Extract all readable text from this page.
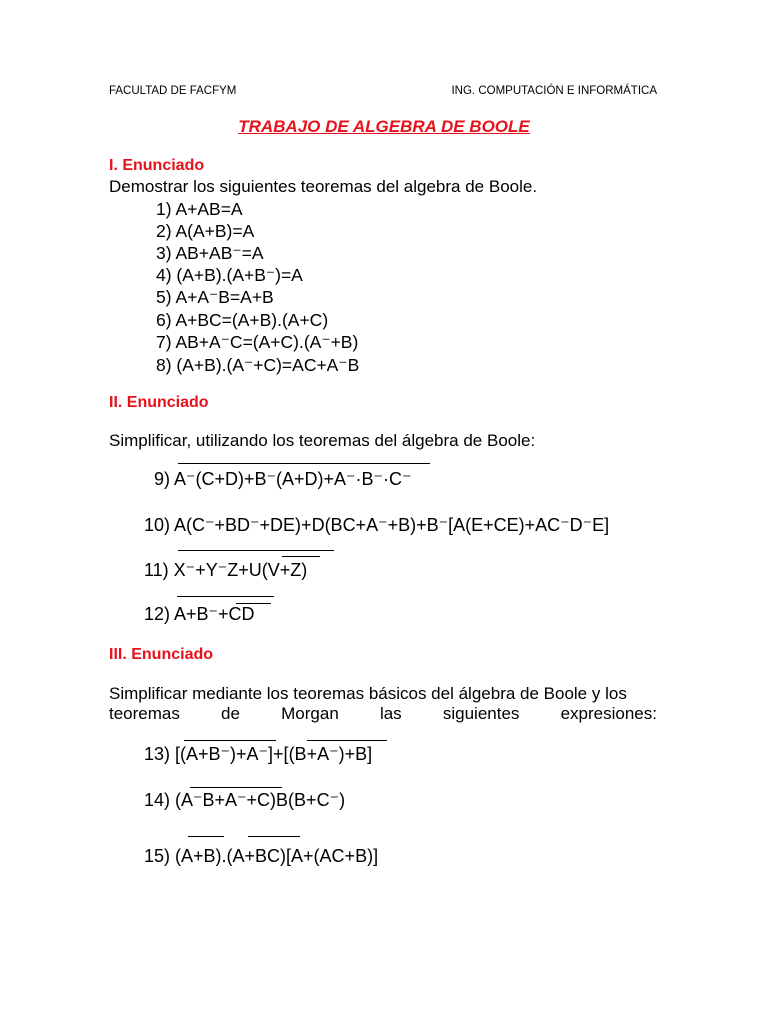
FACULTAD DE FACFYM	ING. COMPUTACIÓN E INFORMÁTICA
TRABAJO DE ALGEBRA DE BOOLE
I. Enunciado
Demostrar los siguientes teoremas del algebra de Boole.
1) A+AB=A
2) A(A+B)=A
3) AB+AB⁻=A
4) (A+B).(A+B⁻)=A
5) A+A⁻B=A+B
6) A+BC=(A+B).(A+C)
7) AB+A⁻C=(A+C).(A⁻+B)
8) (A+B).(A⁻+C)=AC+A⁻B
II. Enunciado
Simplificar, utilizando los teoremas del álgebra de Boole:
9) A⁻(C+D)+B⁻(A+D)+A⁻·B⁻·C⁻
10) A(C⁻+BD⁻+DE)+D(BC+A⁻+B)+B⁻[A(E+CE)+AC⁻D⁻E]
11) X⁻+Y⁻Z+U(V+Z)
12) A+B⁻+CD
III. Enunciado
Simplificar mediante los teoremas básicos del álgebra de Boole y los
teoremas de Morgan las siguientes expresiones:
13) [(A+B⁻)+A⁻]+[(B+A⁻)+B]
14) (A⁻B+A⁻+C)B(B+C⁻)
15) (A+B).(A+BC)[A+(AC+B)]
